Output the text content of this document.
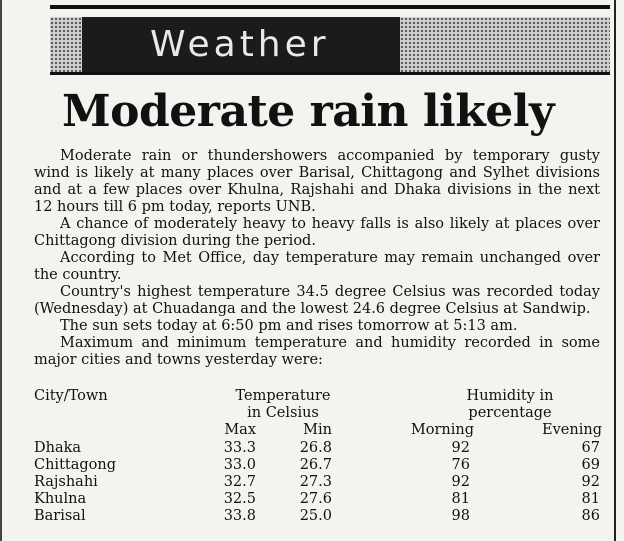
Weather
Moderate rain likely

Moderate rain or thundershowers accompanied by temporary gusty wind is likely at many places over Barisal, Chittagong and Sylhet divisions and at a few places over Khulna, Rajshahi and Dhaka divisions in the next 12 hours till 6 pm today, reports UNB.

A chance of moderately heavy to heavy falls is also likely at places over Chittagong division during the period.

According to Met Office, day temperature may remain unchanged over the country.

Country's highest temperature 34.5 degree Celsius was recorded today (Wednesday) at Chuadanga and the lowest 24.6 degree Celsius at Sandwip.

The sun sets today at 6:50 pm and rises tomorrow at 5:13 am.

Maximum and minimum temperature and humidity recorded in some major cities and towns yesterday were:

City/Town	Temperature	Humidity in
in Celsius	percentage
Max	Min	Morning	Evening
Dhaka	33.3	26.8	92	67
Chittagong	33.0	26.7	76	69
Rajshahi	32.7	27.3	92	92
Khulna	32.5	27.6	81	81
Barisal	33.8	25.0	98	86
